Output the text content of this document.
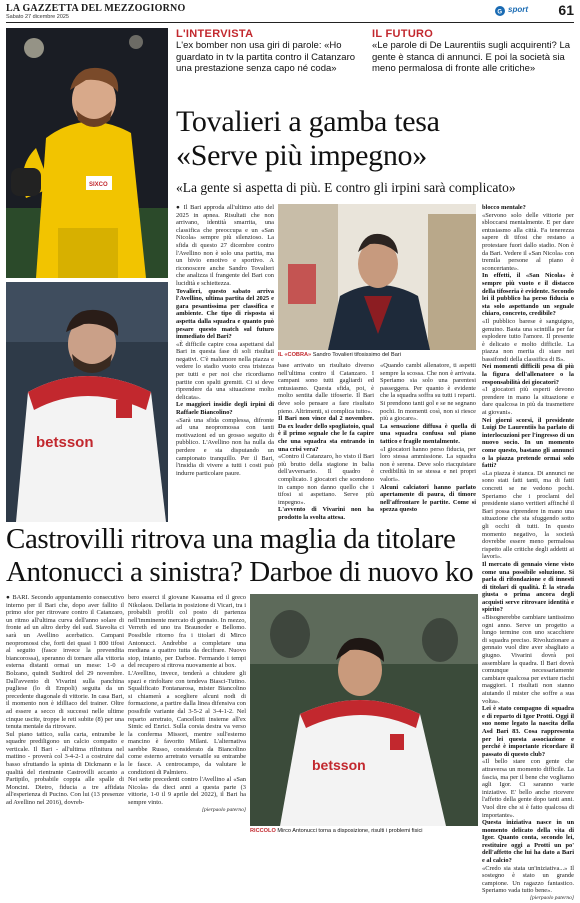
LA GAZZETTA DEL MEZZOGIORNO
Sabato 27 dicembre 2025
G sport	61
SIXCO
betsson
L'INTERVISTA
L'ex bomber non usa giri di parole: «Ho guardato in tv la partita contro il Catanzaro una prestazione senza capo né coda»
IL FUTURO
«Le parole di De Laurentiis sugli acquirenti? La gente è stanca di annunci. E poi la società sia meno permalosa di fronte alle critiche»
Tovalieri a gamba tesa
«Serve più impegno»
«La gente si aspetta di più. E contro gli irpini sarà complicato»
● Il Bari approda all'ultimo atto del 2025 in apnea. Risultati che non arrivano, identità smarrita, una classifica che preoccupa e un «San Nicola» sempre più silenzioso. La sfida di questo 27 dicembre contro l'Avellino non è solo una partita, ma un bivio emotivo e sportivo. A riconoscere anche Sandro Tovalieri che analizza il frangente del Bari con lucidità e schiettezza.
Tovalieri, questo sabato arriva l'Avellino, ultima partita del 2025 e gara pesantissima per classifica e ambiente. Che tipo di risposta si aspetta dalla squadra e quanto può pesare questo match sul futuro immediato del Bari?
«È difficile capire cosa aspettarsi dal Bari in questa fase di soli risultati negativi. C'è malumore nella piazza e vedere lo stadio vuoto crea tristezza per tutti e per noi che ricordiamo partite con spalti gremiti. Ci si deve riprendere da una situazione molto delicata».
Le maggiori insidie degli irpini di Raffaele Biancolino?
«Sarà una sfida complessa, difronte ad una neopromossa con tanti motivazioni ed un grosso seguito di pubblico. L'Avellino non ha nulla da perdere e sta disputando un campionato tranquillo. Per il Bari, l'insidia di vivere a tutti i costi può indurre particolare paure.
IL «COBRA» Sandro Tovalieri tifosissimo del Bari
base arrivato un risultato diverso nell'ultima contro il Catanzaro. I campani sono tutti gagliardi ed entusiasmo. Questa sfida, poi, è molto sentita dalle tifoserie. Il Bari deve solo pensare a fare risultato pieno. Altrimenti, si complica tutto».
Il Bari non vince dal 2 novembre. Da ex leader dello spogliatoio, qual è il primo segnale che le fa capire che una squadra sta entrando in una crisi vera?
«Contro il Catanzaro, ho visto il Bari più brutto della stagione in balia dell'avversario. Il quadro è complicato. I giocatori che scendono in campo non danno quello che i tifosi si aspettano. Serve più impegno».
L'avvento di Vivarini non ha prodotto la svolta attesa.
«Quando cambi allenatore, ti aspetti sempre la scossa. Che non è arrivata. Speriamo sia solo una parentesi passeggera. Per quanto è evidente che la squadra soffra su tutti i reparti. Si prendono tanti gol e se ne segnano pochi. In momenti così, non si riesce più a giocare».
La sensazione diffusa è quella di una squadra confusa sul piano tattico e fragile mentalmente.
«I giocatori hanno perso fiducia, per loro stessa ammissione. La squadra non è serena. Deve solo riacquistare credibilità in se stessa e nei propri valori».
Alcuni calciatori hanno parlato apertamente di paura, di timore nell'affrontare le partite. Come si spezza questo
blocco mentale?
«Servono solo delle vittorie per sbloccarsi mentalmente. E per dare entusiasmo alla città. Fa tenerezza sapere di tifosi che restano a protestare fuori dallo stadio. Non è da Bari. Vedere il «San Nicola» con tremila persone al piano è sconcertante».
In effetti, il «San Nicola» è sempre più vuoto e il distacco della tifoseria è evidente. Secondo lei il pubblico ha perso fiducia o sta solo aspettando un segnale chiaro, concreto, credibile?
«Il pubblico barese è sanguigno, genuino. Basta una scintilla per far esplodere tutto l'amore. Il presente è delicato e molto difficile. La piazza non merita di stare nei bassifondi della classifica di B».
Nei momenti difficili pesa di più la figura dell'allenatore o la responsabilità dei giocatori?
«I giocatori più esperti devono prendere in mano la situazione e dare qualcosa in più da trasmettere ai giovani».
Nei giorni scorsi, il presidente Luigi De Laurentiis ha parlato di interlocuzioni per l'ingresso di un nuovo socio. In un momento come questo, bastano gli annunci o la piazza pretende ormai solo fatti?
«La piazza è stanca. Di annunci ne sono stati fatti tanti, ma di fatti concreti se ne vedono pochi. Speriamo che i proclami del presidente siano veritieri affinché il Bari possa riprendere in mano una situazione che sta sfuggendo sotto gli occhi di tutti. In questo momento negativo, la società dovrebbe essere meno permalosa rispetto alle critiche degli addetti ai lavori».
Il mercato di gennaio viene visto come una possibile soluzione. Si parla di rifondazione e di innesti di titolari di qualità. È la strada giusta o prima ancora degli acquisti serve ritrovare identità e spirito?
«Bisognerebbe cambiare tantissimo ogni anno. Serve un progetto a lungo termine con uno scacchiere di squadra preciso. Rivoluzionare a gennaio vuol dire aver sbagliato a giugno. Vivarini dovrà poi assemblare la quadra. Il Bari dovrà comunque necessariamente cambiare qualcosa per evitare rischi maggiori. I risultati non stanno aiutando il mister che soffre a sua volta».
Lei è stato compagno di squadra e di reparto di Igor Protti. Oggi il suo nome legato la nascita della Asd Bari 83. Cosa rappresenta per lei questa associazione e perché è importante ricordare il passato di questo club?
«Il bello stare con gente che attraversa un momento difficile. La fascia, ma per il bene che vogliamo agli Igor. Ci saranno varie iniziative. E' bello anche ricevere l'affetto della gente dopo tanti anni. Vuol dire che si è fatto qualcosa di importante».
Questa iniziativa nasce in un momento delicato della vita di Igor. Quanto conta, secondo lei, restituire oggi a Protti un po' dell'affetto che lui ha dato a Bari e al calcio?
«Credo sia stata un'iniziativa...» Il sostegno è stato un grande campione. Un ragazzo fantastico. Speriamo vada tutto bene».
[pierpaolo paterno]
Castrovilli ritrova una maglia da titolare
Antonucci a sinistra? Darboe di nuovo ko
● BARI. Secondo appuntamento consecutivo interno per il Bari che, dopo aver fallito il primo sfor per ritrovare contro il Catanzaro, un ritmo all'ultima curva dell'anno solare di fronte ad un altro derby del sud. Stavolta ci sarà un Avellino acerbatico. Campani neopromossi che, forti dei quasi 1 800 tifosi al seguito (fasce invece la prevendita biancorossa), speranno di tornare alla vittoria esterna distanti ormai un mese: 1-0 a Bolzano, quindi Sudtirol del 29 novembre. Dall'avvento di Vivarini sulla panchina pugliese (lo di Empoli) seguita da un precedente diagonale di vittorie. In casa Bari, il momento non è idilliaco del trainer. Oltre ad essere a secco di successi nelle ultime cinque uscite, troppe le reti subite (8) per una tenuta mentale da ritrovare.
Sul piano tattico, sulla carta, entrambe le squadre prediligono un calcio compatto e verticale. Il Bari - all'ultima rifinitura nel mattino - proverà col 3-4-2-1 a costruire dal basso sfruttando la spinta di Dickmann e la qualità del rientrante Castrovilli accanto a Partipilo, probabile coppia alle spalle di Moncini. Dietro, fiducia a tre affidata all'esperienza di Pucino. Con lui (13 presenze ad Avellino nel 2016), dovreb-
bero esserci il giovane Kassama ed il greco Nikolaou. Dellaria in posizione di Vicari, tra i probabili profili col posto di partenza nell'imminente mercato di gennaio. In mezzo, Verreth ed uno tra Braunoder e Bellomo. Possibile ritorno fra i titolari di Mirco Antonucci. Andrebbe a completare una mediana a quattro tutta da decifrare. Nuovo stop, intanto, per Darboe. Fermando i tempi del recupero si ritrova nuovamente ai box.
L'Avellino, invece, tenderà a chiudere gli spazi e rinfoltare con tendeva Biasci-Tutino. Squalificato Fontanarosa, mister Biancolino si chiamerà a scegliere alcuni nodi di formazione, a partire dalla linea difensiva con possibile variante dal 3-5-2 al 3-4-1-2. Nel reparto arretrato, Cancellotti insieme all'ex Simic ed Enrici. Sulla corsia destra va verso la conferma Missori, mentre sull'esterno mancino è favorito Milani. L'alternativa sarebbe Russo, considerato da Biancolino come esterno arretrato versatile su entrambe le fasce. A centrocampo, da valutare le condizioni di Palmiero.
Nei sette precedenti contro l'Avellino al «San Nicola» da dieci anni a questa parte (3 vittorie, 1-0 il 9 aprile del 2022), il Bari ha sempre vinto.
[pierpaolo paterno]
betsson
RICCOLO Mirco Antonucci torna a disposizione, risulti i problemi fisici
